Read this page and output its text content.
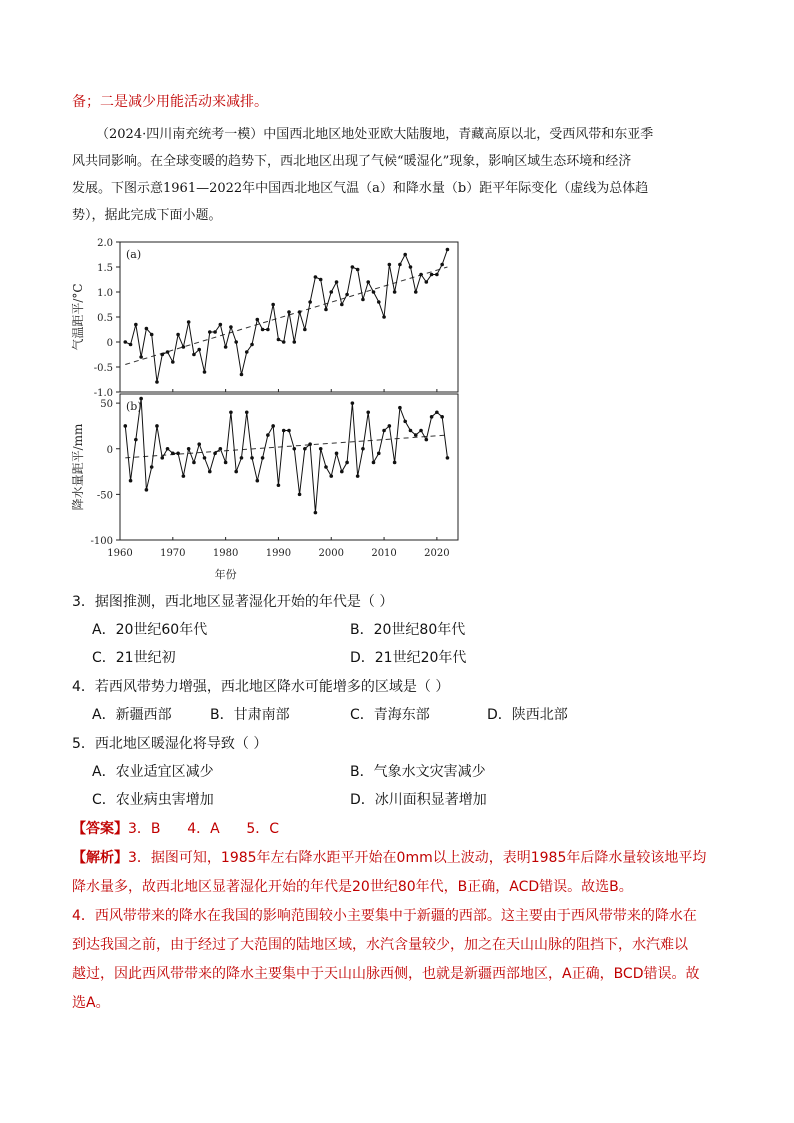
备；二是减少用能活动来减排。
（2024·四川南充统考一模）中国西北地区地处亚欧大陆腹地，青藏高原以北，受西风带和东亚季
风共同影响。在全球变暖的趋势下，西北地区出现了气候“暖湿化”现象，影响区域生态环境和经济
发展。下图示意1961—2022年中国西北地区气温（a）和降水量（b）距平年际变化（虚线为总体趋
势），据此完成下面小题。
2.0
1.5
1.0
0.5
0
-0.5
-1.0
(a)
气温距平/°C
50
0
-50
-100
(b)
降水量距平/mm
1960	1970	1980	1990	2000	2010	2020
年份
3．据图推测，西北地区显著湿化开始的年代是（ ）
A．20世纪60年代	B．20世纪80年代
C．21世纪初	D．21世纪20年代
4．若西风带势力增强，西北地区降水可能增多的区域是（ ）
A．新疆西部	B．甘肃南部	C．青海东部	D．陕西北部
5．西北地区暖湿化将导致（ ）
A．农业适宜区减少	B．气象水文灾害减少
C．农业病虫害增加	D．冰川面积显著增加
【答案】3．B      4．A      5．C
【解析】3．据图可知，1985年左右降水距平开始在0mm以上波动，表明1985年后降水量较该地平均
降水量多，故西北地区显著湿化开始的年代是20世纪80年代，B正确，ACD错误。故选B。
4．西风带带来的降水在我国的影响范围较小主要集中于新疆的西部。这主要由于西风带带来的降水在
到达我国之前，由于经过了大范围的陆地区域，水汽含量较少，加之在天山山脉的阻挡下，水汽难以
越过，因此西风带带来的降水主要集中于天山山脉西侧，也就是新疆西部地区，A正确，BCD错误。故
选A。
